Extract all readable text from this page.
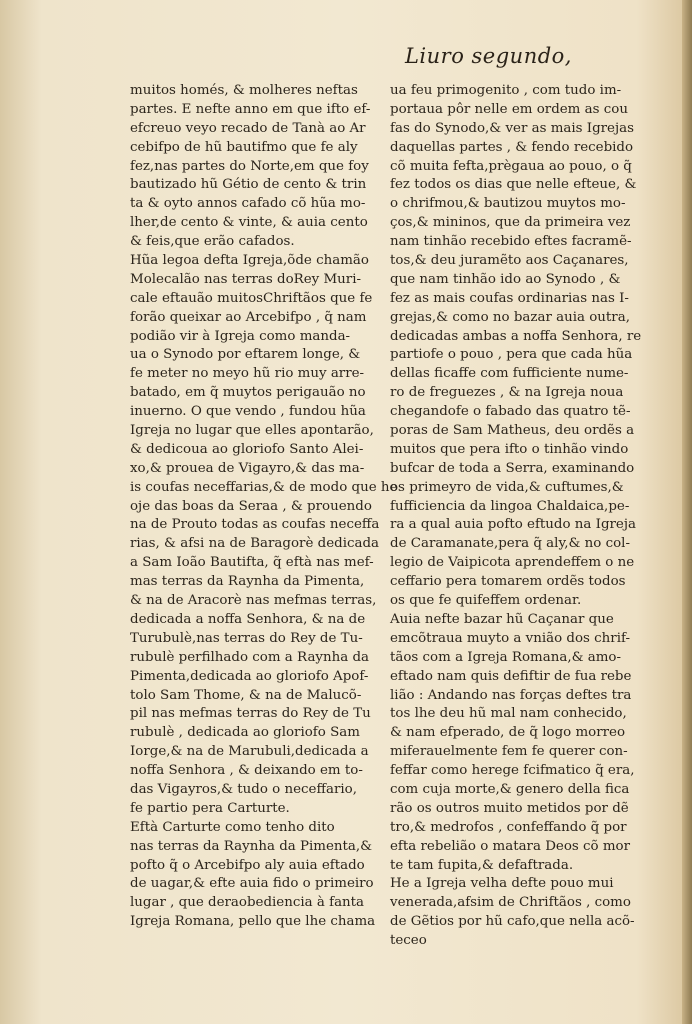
Liuro segundo,
muitos homés, & molheres neftas
partes. E nefte anno em que ifto ef-
efcreuo veyo recado de Tanà ao Ar
cebifpo de hũ bautifmo que fe aly
fez,nas partes do Norte,em que foy
bautizado hũ Gétio de cento & trin
ta & oyto annos cafado cõ hũa mo-
lher,de cento & vinte, & auia cento
& feis,que erão cafados.
Hũa legoa defta Igreja,õde chamão
Molecalão nas terras doRey Muri-
cale eftauão muitosChriftãos que fe
forão queixar ao Arcebifpo , q̃ nam
podião vir à Igreja como manda-
ua o Synodo por eftarem longe, &
fe meter no meyo hũ rio muy arre-
batado, em q̃ muytos perigauão no
inuerno. O que vendo , fundou hũa
Igreja no lugar que elles apontarão,
& dedicoua ao gloriofo Santo Alei-
xo,& prouea de Vigayro,& das ma-
is coufas neceffarias,& de modo que he
oje das boas da Seraa , & prouendo
na de Prouto todas as coufas neceffa
rias, & afsi na de Baragorè dedicada
a Sam Ioão Bautifta, q̃ eftà nas mef-
mas terras da Raynha da Pimenta,
& na de Aracorè nas mefmas terras,
dedicada a noffa Senhora, & na de
Turubulè,nas terras do Rey de Tu-
rubulè perfilhado com a Raynha da
Pimenta,dedicada ao gloriofo Apof-
tolo Sam Thome, & na de Malucõ-
pil nas mefmas terras do Rey de Tu
rubulè , dedicada ao gloriofo Sam
Iorge,& na de Marubuli,dedicada a
noffa Senhora , & deixando em to-
das Vigayros,& tudo o neceffario,
fe partio pera Carturte.
Eftà Carturte como tenho dito
nas terras da Raynha da Pimenta,&
pofto q̃ o Arcebifpo aly auia eftado
de uagar,& efte auia fido o primeiro
lugar , que deraobediencia à fanta
Igreja Romana, pello que lhe chama
ua feu primogenito , com tudo im-
portaua pôr nelle em ordem as cou
fas do Synodo,& ver as mais Igrejas
daquellas partes , & fendo recebido
cõ muita fefta,prègaua ao pouo, o q̃
fez todos os dias que nelle efteue, &
o chrifmou,& bautizou muytos mo-
ços,& mininos, que da primeira vez
nam tinhão recebido eftes facramẽ-
tos,& deu juramẽto aos Caçanares,
que nam tinhão ido ao Synodo , &
fez as mais coufas ordinarias nas I-
grejas,& como no bazar auia outra,
dedicadas ambas a noffa Senhora, re
partiofe o pouo , pera que cada hũa
dellas ficaffe com fufficiente nume-
ro de freguezes , & na Igreja noua
chegandofe o fabado das quatro tẽ-
poras de Sam Matheus, deu ordẽs a
muitos que pera ifto o tinhão vindo
bufcar de toda a Serra, examinando
os primeyro de vida,& cuftumes,&
fufficiencia da lingoa Chaldaica,pe-
ra a qual auia pofto eftudo na Igreja
de Caramanate,pera q̃ aly,& no col-
legio de Vaipicota aprendeffem o ne
ceffario pera tomarem ordẽs todos
os que fe quifeffem ordenar.
Auia nefte bazar hũ Caçanar que
emcõtraua muyto a vnião dos chrif-
tãos com a Igreja Romana,& amo-
eftado nam quis defiftir de fua rebe
lião : Andando nas forças deftes tra
tos lhe deu hũ mal nam conhecido,
& nam efperado, de q̃ logo morreo
miferauelmente fem fe querer con-
feffar como herege fcifmatico q̃ era,
com cuja morte,& genero della fica
rão os outros muito metidos por dẽ
tro,& medrofos , confeffando q̃ por
efta rebelião o matara Deos cõ mor
te tam fupita,& defaftrada.
He a Igreja velha defte pouo mui
venerada,afsim de Chriftãos , como
de Gẽtios por hũ cafo,que nella acõ-
teceo
